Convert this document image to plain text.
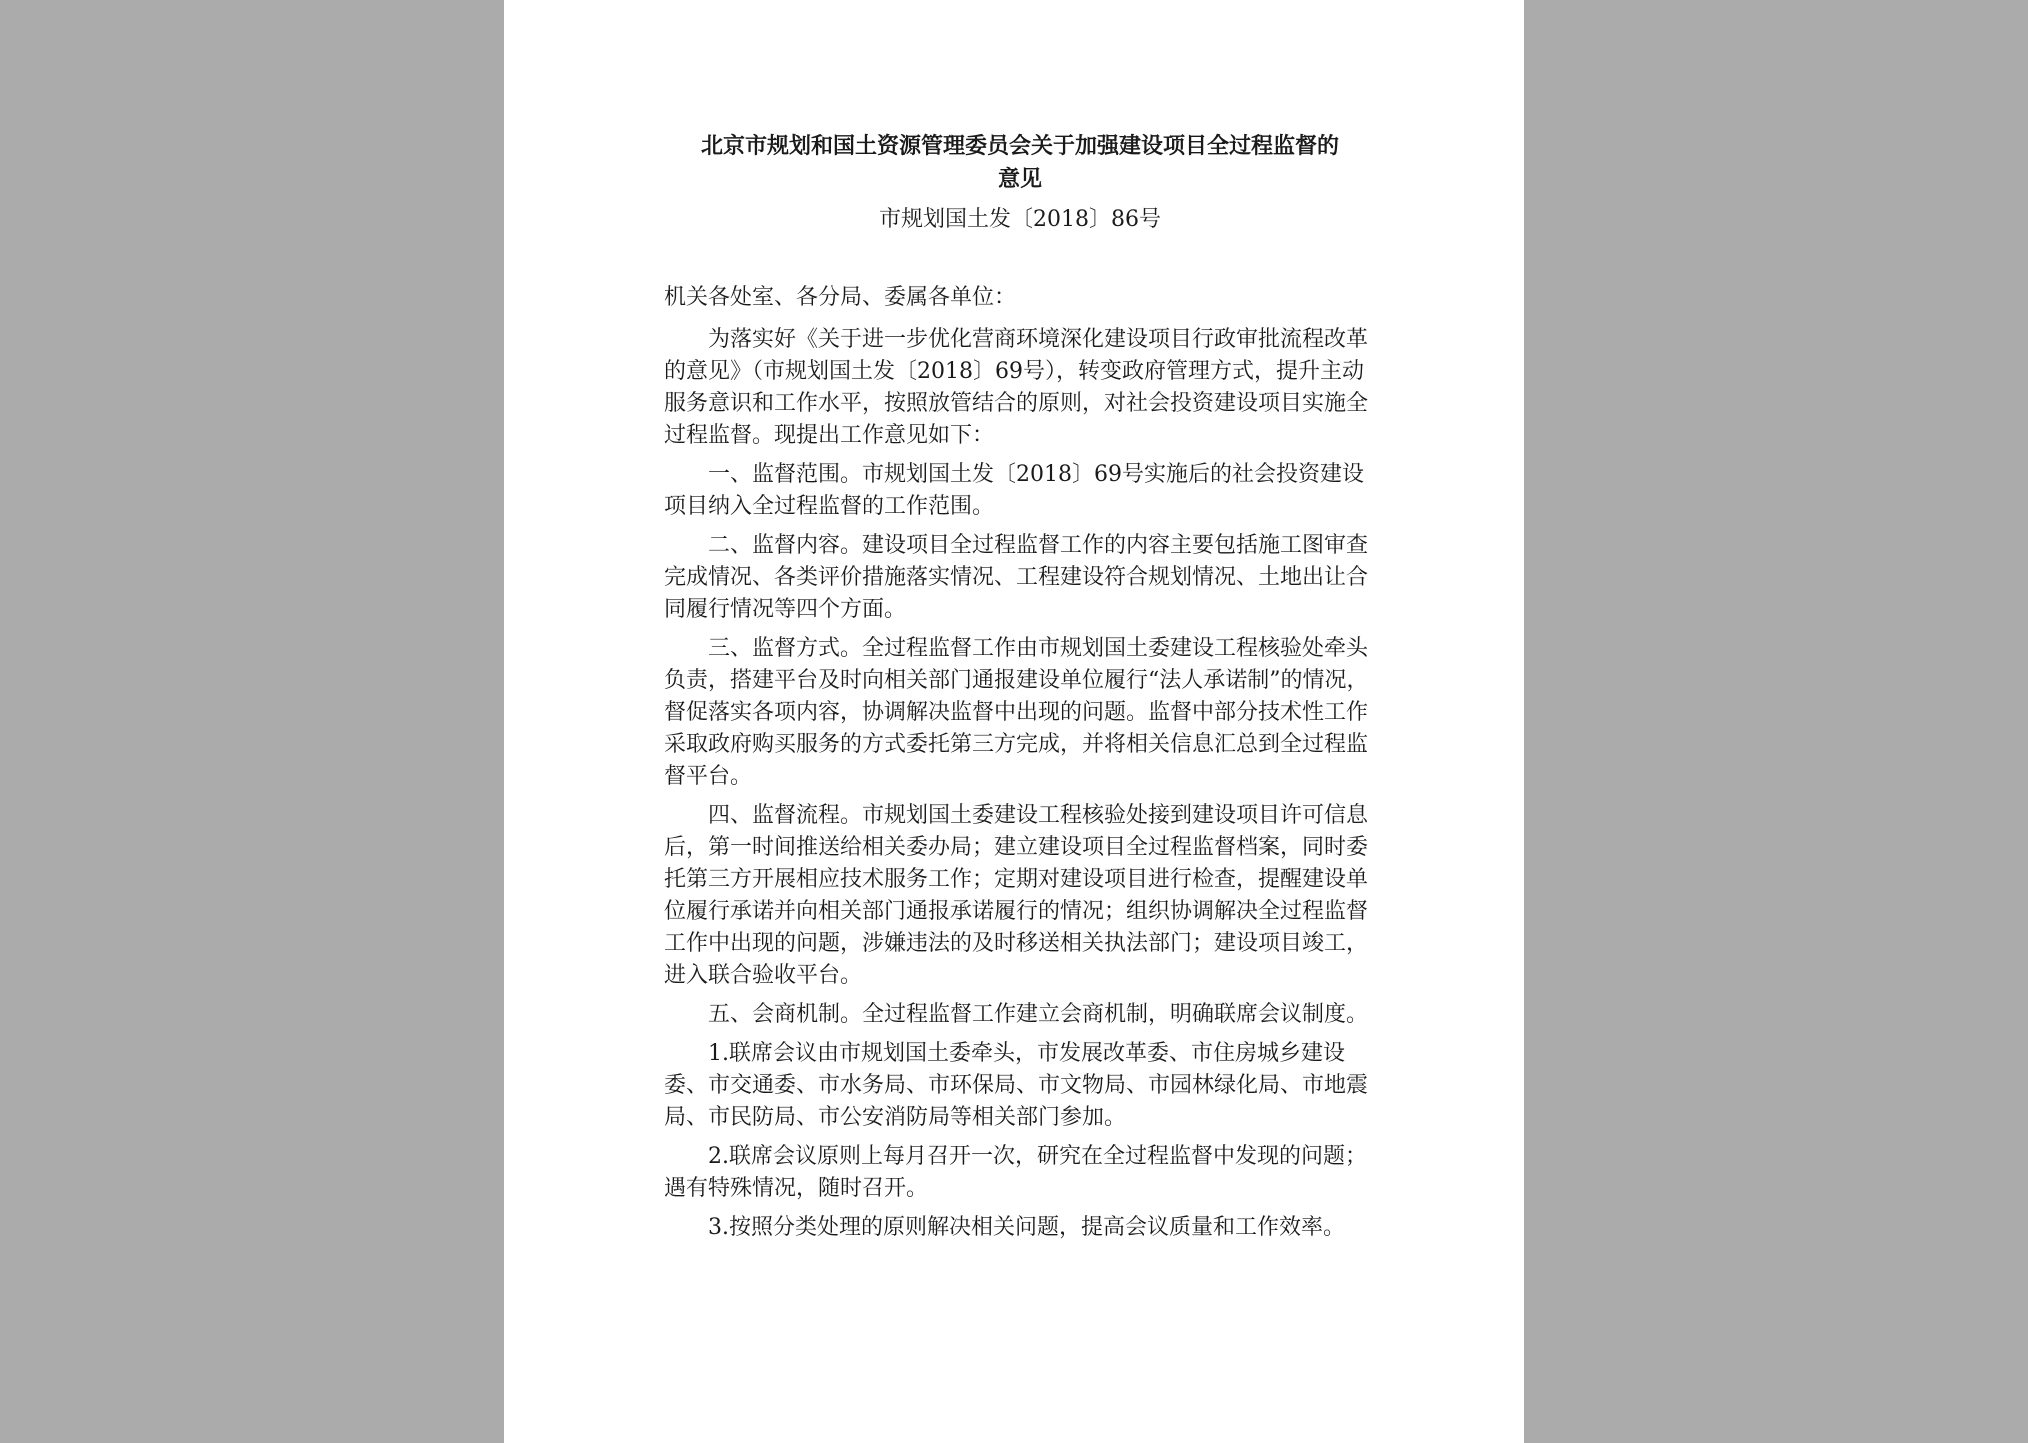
北京市规划和国土资源管理委员会关于加强建设项目全过程监督的
意见

市规划国土发〔2018〕86号

机关各处室、各分局、委属各单位：

为落实好《关于进一步优化营商环境深化建设项目行政审批流程改革的意见》（市规划国土发〔2018〕69号），转变政府管理方式，提升主动服务意识和工作水平，按照放管结合的原则，对社会投资建设项目实施全过程监督。现提出工作意见如下：

一、监督范围。市规划国土发〔2018〕69号实施后的社会投资建设项目纳入全过程监督的工作范围。

二、监督内容。建设项目全过程监督工作的内容主要包括施工图审查完成情况、各类评价措施落实情况、工程建设符合规划情况、土地出让合同履行情况等四个方面。

三、监督方式。全过程监督工作由市规划国土委建设工程核验处牵头负责，搭建平台及时向相关部门通报建设单位履行“法人承诺制”的情况，督促落实各项内容，协调解决监督中出现的问题。监督中部分技术性工作采取政府购买服务的方式委托第三方完成，并将相关信息汇总到全过程监督平台。

四、监督流程。市规划国土委建设工程核验处接到建设项目许可信息后，第一时间推送给相关委办局；建立建设项目全过程监督档案，同时委托第三方开展相应技术服务工作；定期对建设项目进行检查，提醒建设单位履行承诺并向相关部门通报承诺履行的情况；组织协调解决全过程监督工作中出现的问题，涉嫌违法的及时移送相关执法部门；建设项目竣工，进入联合验收平台。

五、会商机制。全过程监督工作建立会商机制，明确联席会议制度。

1.联席会议由市规划国土委牵头，市发展改革委、市住房城乡建设委、市交通委、市水务局、市环保局、市文物局、市园林绿化局、市地震局、市民防局、市公安消防局等相关部门参加。

2.联席会议原则上每月召开一次，研究在全过程监督中发现的问题；遇有特殊情况，随时召开。

3.按照分类处理的原则解决相关问题，提高会议质量和工作效率。
